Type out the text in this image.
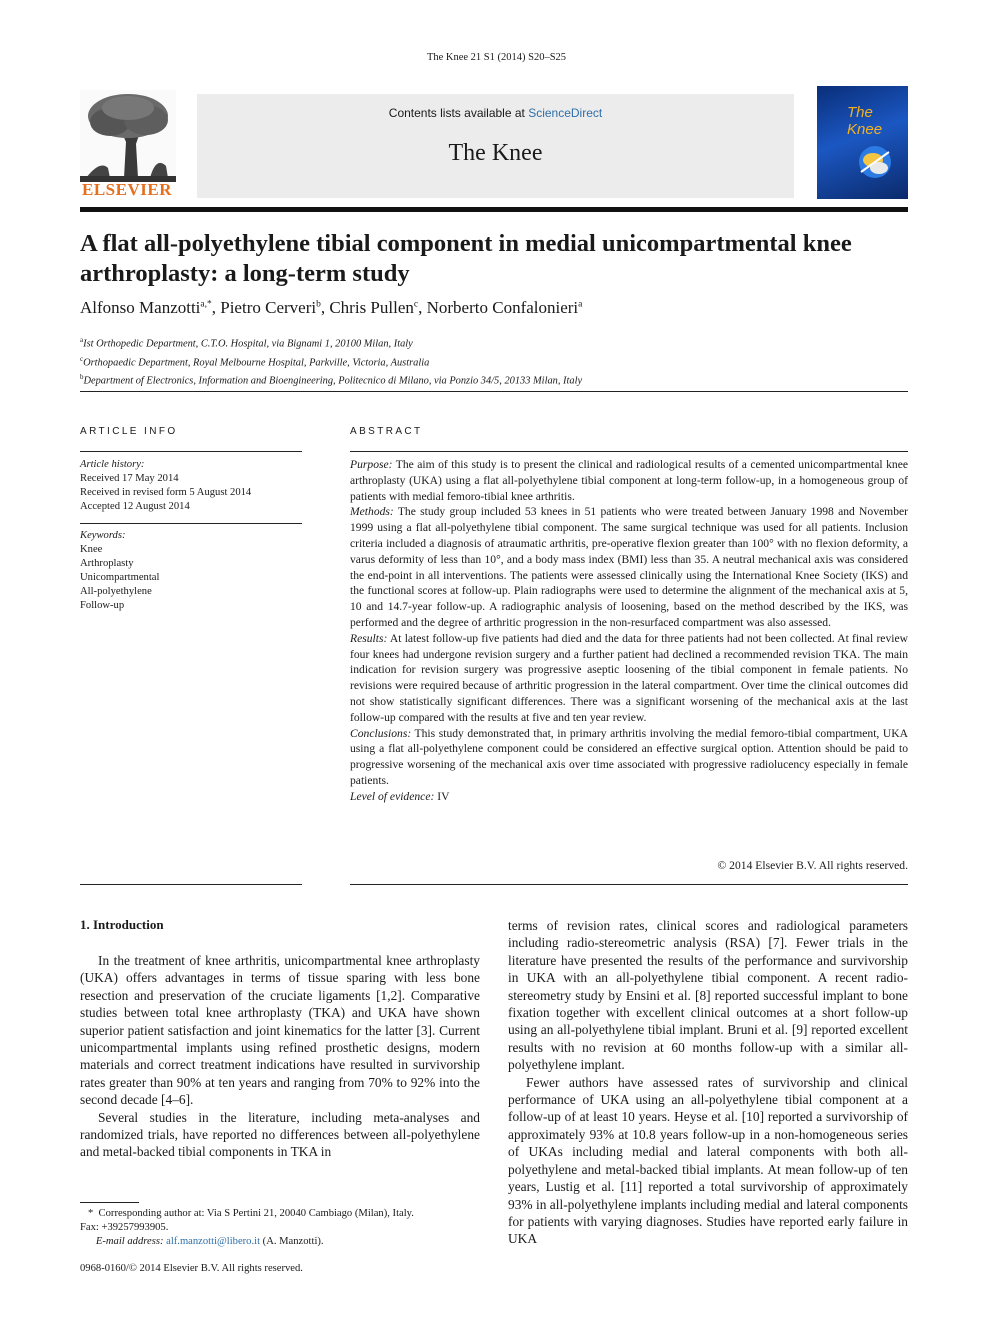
The Knee 21 S1 (2014) S20–S25
ELSEVIER
Contents lists available at ScienceDirect
The Knee
The Knee
A flat all-polyethylene tibial component in medial unicompartmental knee arthroplasty: a long-term study
Alfonso Manzotti$^{a,*}$, Pietro Cerveri$^b$, Chris Pullen$^c$, Norberto Confalonieri$^a$
$^a$Ist Orthopedic Department, C.T.O. Hospital, via Bignami 1, 20100 Milan, Italy
$^c$Orthopaedic Department, Royal Melbourne Hospital, Parkville, Victoria, Australia
$^b$Department of Electronics, Information and Bioengineering, Politecnico di Milano, via Ponzio 34/5, 20133 Milan, Italy
ARTICLE INFO
Article history:
Received 17 May 2014
Received in revised form 5 August 2014
Accepted 12 August 2014
Keywords:
Knee
Arthroplasty
Unicompartmental
All-polyethylene
Follow-up
ABSTRACT
Purpose: The aim of this study is to present the clinical and radiological results of a cemented unicompartmental knee arthroplasty (UKA) using a flat all-polyethylene tibial component at long-term follow-up, in a homogeneous group of patients with medial femoro-tibial knee arthritis.
Methods: The study group included 53 knees in 51 patients who were treated between January 1998 and November 1999 using a flat all-polyethylene tibial component. The same surgical technique was used for all patients. Inclusion criteria included a diagnosis of atraumatic arthritis, pre-operative flexion greater than 100° with no flexion deformity, a varus deformity of less than 10°, and a body mass index (BMI) less than 35. A neutral mechanical axis was considered the end-point in all interventions. The patients were assessed clinically using the International Knee Society (IKS) and the functional scores at follow-up. Plain radiographs were used to determine the alignment of the mechanical axis at 5, 10 and 14.7-year follow-up. A radiographic analysis of loosening, based on the method described by the IKS, was performed and the degree of arthritic progression in the non-resurfaced compartment was also assessed.
Results: At latest follow-up five patients had died and the data for three patients had not been collected. At final review four knees had undergone revision surgery and a further patient had declined a recommended revision TKA. The main indication for revision surgery was progressive aseptic loosening of the tibial component in female patients. No revisions were required because of arthritic progression in the lateral compartment. Over time the clinical outcomes did not show statistically significant differences. There was a significant worsening of the mechanical axis at the last follow-up compared with the results at five and ten year review.
Conclusions: This study demonstrated that, in primary arthritis involving the medial femoro-tibial compartment, UKA using a flat all-polyethylene component could be considered an effective surgical option. Attention should be paid to progressive worsening of the mechanical axis over time associated with progressive radiolucency especially in female patients.
Level of evidence: IV
© 2014 Elsevier B.V. All rights reserved.
1. Introduction

In the treatment of knee arthritis, unicompartmental knee arthroplasty (UKA) offers advantages in terms of tissue sparing with less bone resection and preservation of the cruciate ligaments [1,2]. Comparative studies between total knee arthroplasty (TKA) and UKA have shown superior patient satisfaction and joint kinematics for the latter [3]. Current unicompartmental implants using refined prosthetic designs, modern materials and correct treatment indications have resulted in survivorship rates greater than 90% at ten years and ranging from 70% to 92% into the second decade [4–6].

Several studies in the literature, including meta-analyses and randomized trials, have reported no differences between all-polyethylene and metal-backed tibial components in TKA in

terms of revision rates, clinical scores and radiological parameters including radio-stereometric analysis (RSA) [7]. Fewer trials in the literature have presented the results of the performance and survivorship in UKA with an all-polyethylene tibial component. A recent radio-stereometry study by Ensini et al. [8] reported successful implant to bone fixation together with excellent clinical outcomes at a short follow-up using an all-polyethylene tibial implant. Bruni et al. [9] reported excellent results with no revision at 60 months follow-up with a similar all-polyethylene implant.

Fewer authors have assessed rates of survivorship and clinical performance of UKA using an all-polyethylene tibial component at a follow-up of at least 10 years. Heyse et al. [10] reported a survivorship of approximately 93% at 10.8 years follow-up in a non-homogeneous series of UKAs including medial and lateral components with both all-polyethylene and metal-backed tibial implants. At mean follow-up of ten years, Lustig et al. [11] reported a total survivorship of approximately 93% in all-polyethylene implants including medial and lateral components for patients with varying diagnoses. Studies have reported early failure in UKA

*  Corresponding author at: Via S Pertini 21, 20040 Cambiago (Milan), Italy.
Fax: +39257993905.
E-mail address: alf.manzotti@libero.it (A. Manzotti).
0968-0160/© 2014 Elsevier B.V. All rights reserved.
